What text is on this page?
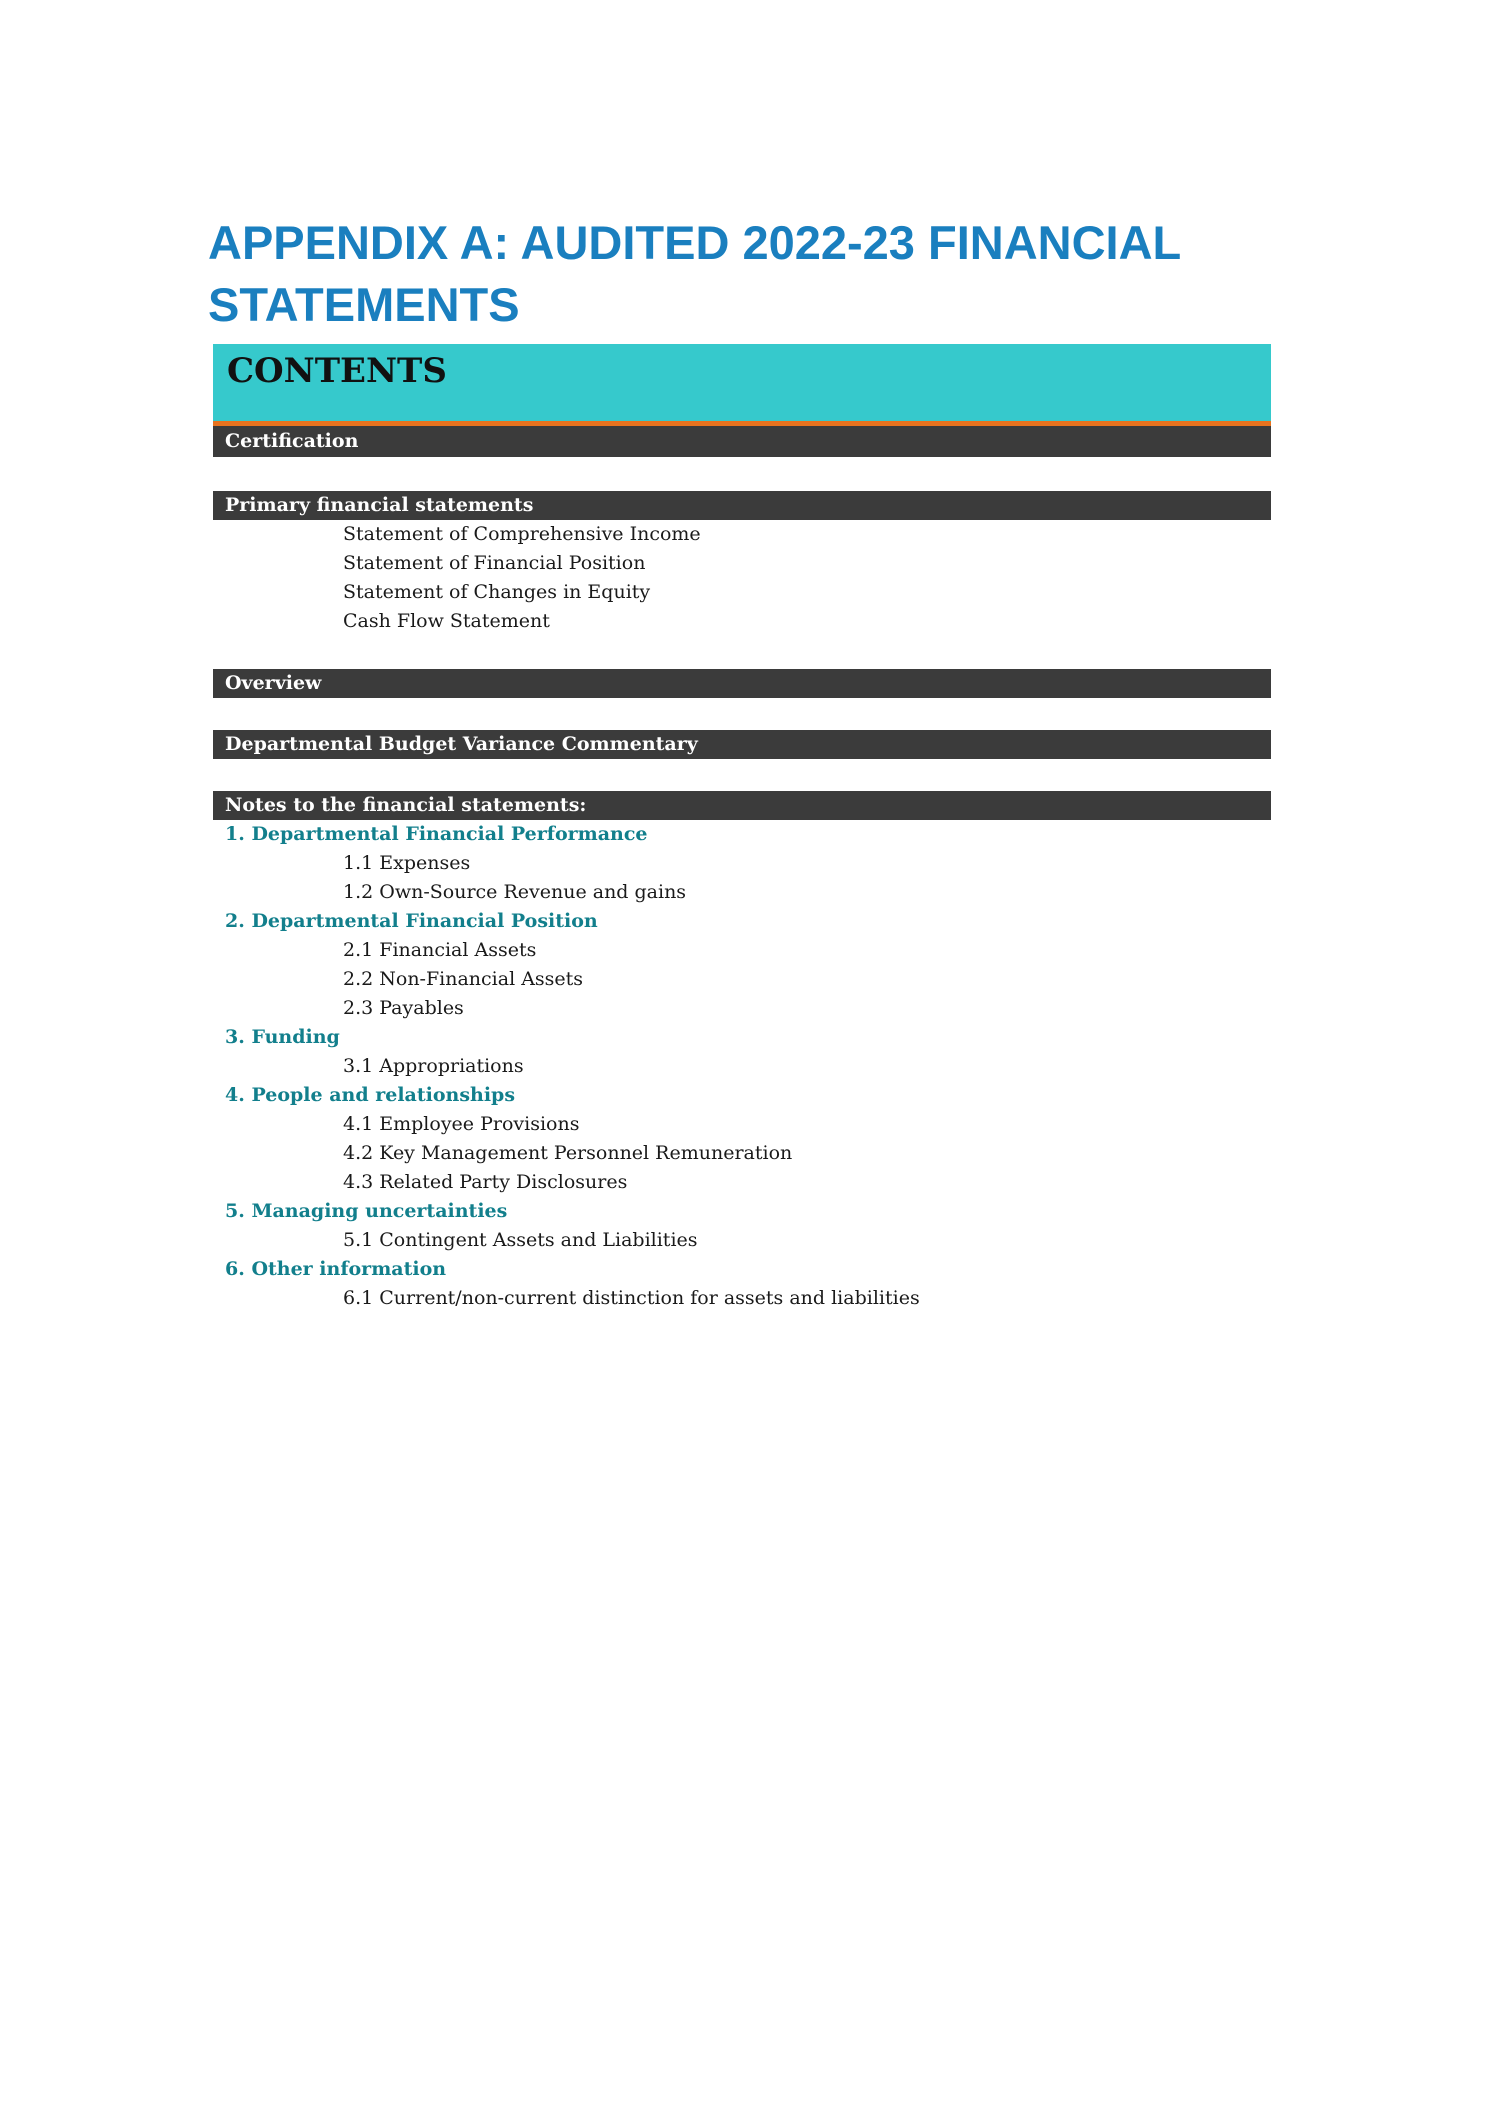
APPENDIX A: AUDITED 2022-23 FINANCIAL
STATEMENTS
CONTENTS
Certification
Primary financial statements
Statement of Comprehensive Income
Statement of Financial Position
Statement of Changes in Equity
Cash Flow Statement
Overview
Departmental Budget Variance Commentary
Notes to the financial statements:
1. Departmental Financial Performance
1.1 Expenses
1.2 Own-Source Revenue and gains
2. Departmental Financial Position
2.1 Financial Assets
2.2 Non-Financial Assets
2.3 Payables
3. Funding
3.1 Appropriations
4. People and relationships
4.1 Employee Provisions
4.2 Key Management Personnel Remuneration
4.3 Related Party Disclosures
5. Managing uncertainties
5.1 Contingent Assets and Liabilities
6. Other information
6.1 Current/non-current distinction for assets and liabilities
